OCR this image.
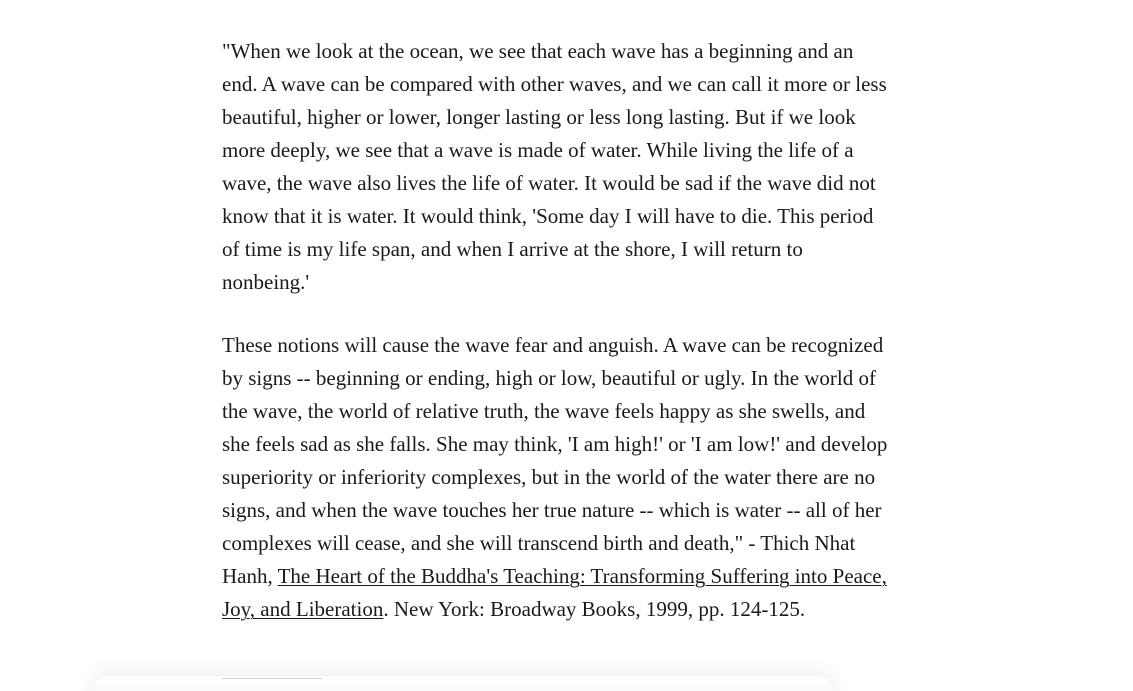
"When we look at the ocean, we see that each wave has a beginning and an end. A wave can be compared with other waves, and we can call it more or less beautiful, higher or lower, longer lasting or less long lasting. But if we look more deeply, we see that a wave is made of water. While living the life of a wave, the wave also lives the life of water. It would be sad if the wave did not know that it is water. It would think, 'Some day I will have to die. This period of time is my life span, and when I arrive at the shore, I will return to nonbeing.'

These notions will cause the wave fear and anguish. A wave can be recognized by signs -- beginning or ending, high or low, beautiful or ugly. In the world of the wave, the world of relative truth, the wave feels happy as she swells, and she feels sad as she falls. She may think, 'I am high!' or 'I am low!' and develop superiority or inferiority complexes, but in the world of the water there are no signs, and when the wave touches her true nature -- which is water -- all of her complexes will cease, and she will transcend birth and death," - Thich Nhat Hanh, The Heart of the Buddha's Teaching: Transforming Suffering into Peace, Joy, and Liberation. New York: Broadway Books, 1999, pp. 124-125.
